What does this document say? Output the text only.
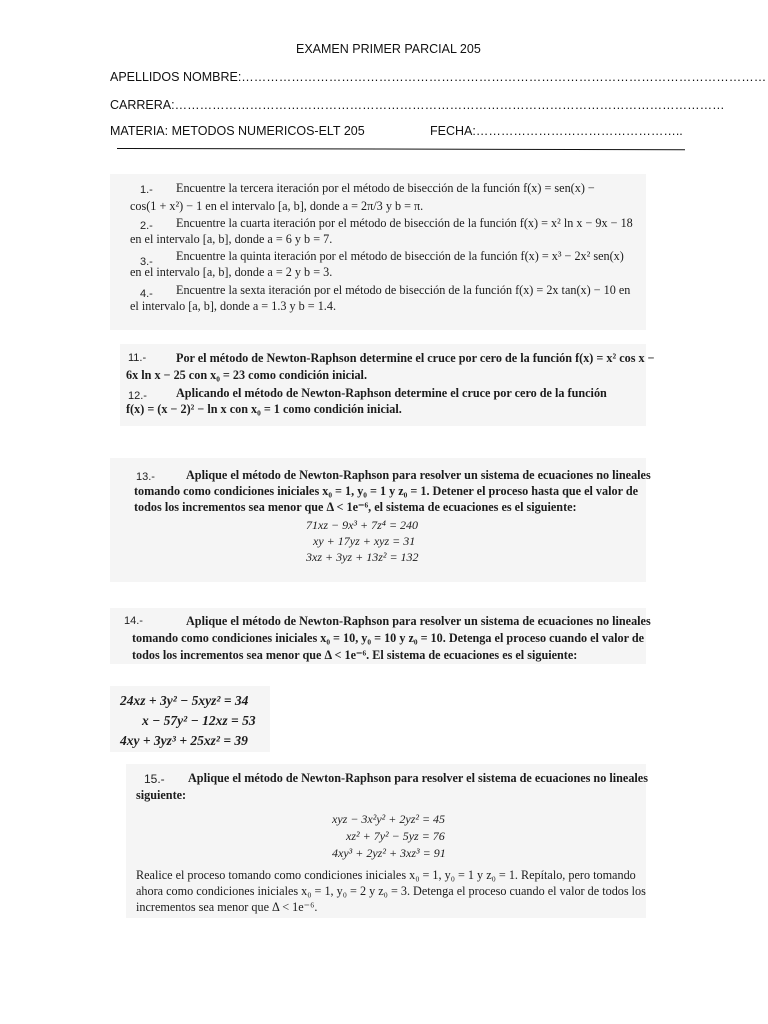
EXAMEN PRIMER PARCIAL 205
APELLIDOS NOMBRE:………………………………………………………………………………………………………………
CARRERA:……………………………………………………………………………………………………………………
MATERIA: METODOS NUMERICOS-ELT 205	FECHA:…………………………………………..
1.- Encuentre la tercera iteración por el método de bisección de la función f(x) = sen(x) −
cos(1 + x²) − 1 en el intervalo [a, b], donde a = 2π/3 y b = π.
2.- Encuentre la cuarta iteración por el método de bisección de la función f(x) = x² ln x − 9x − 18
en el intervalo [a, b], donde a = 6 y b = 7.
3.- Encuentre la quinta iteración por el método de bisección de la función f(x) = x³ − 2x² sen(x)
en el intervalo [a, b], donde a = 2 y b = 3.
4.- Encuentre la sexta iteración por el método de bisección de la función f(x) = 2x tan(x) − 10 en
el intervalo [a, b], donde a = 1.3 y b = 1.4.
11.- Por el método de Newton-Raphson determine el cruce por cero de la función f(x) = x² cos x −
6x ln x − 25 con x₀ = 23 como condición inicial.
12.- Aplicando el método de Newton-Raphson determine el cruce por cero de la función
f(x) = (x − 2)² − ln x con x₀ = 1 como condición inicial.
13.-	Aplique el método de Newton-Raphson para resolver un sistema de ecuaciones no lineales
tomando como condiciones iniciales x₀ = 1, y₀ = 1 y z₀ = 1. Detener el proceso hasta que el valor de
todos los incrementos sea menor que Δ < 1e⁻⁶, el sistema de ecuaciones es el siguiente:
71xz − 9x³ + 7z⁴ = 240
xy + 17yz + xyz = 31
3xz + 3yz + 13z² = 132
14.-	Aplique el método de Newton-Raphson para resolver un sistema de ecuaciones no lineales
tomando como condiciones iniciales x₀ = 10, y₀ = 10 y z₀ = 10. Detenga el proceso cuando el valor de
todos los incrementos sea menor que Δ < 1e⁻⁶. El sistema de ecuaciones es el siguiente:
24xz + 3y² − 5xyz² = 34
x − 57y² − 12xz = 53
4xy + 3yz³ + 25xz² = 39
15.- Aplique el método de Newton-Raphson para resolver el sistema de ecuaciones no lineales
siguiente:
xyz − 3x²y² + 2yz² = 45
xz² + 7y² − 5yz = 76
4xy³ + 2yz² + 3xz³ = 91
Realice el proceso tomando como condiciones iniciales x₀ = 1, y₀ = 1 y z₀ = 1. Repítalo, pero tomando
ahora como condiciones iniciales x₀ = 1, y₀ = 2 y z₀ = 3. Detenga el proceso cuando el valor de todos los
incrementos sea menor que Δ < 1e⁻⁶.
